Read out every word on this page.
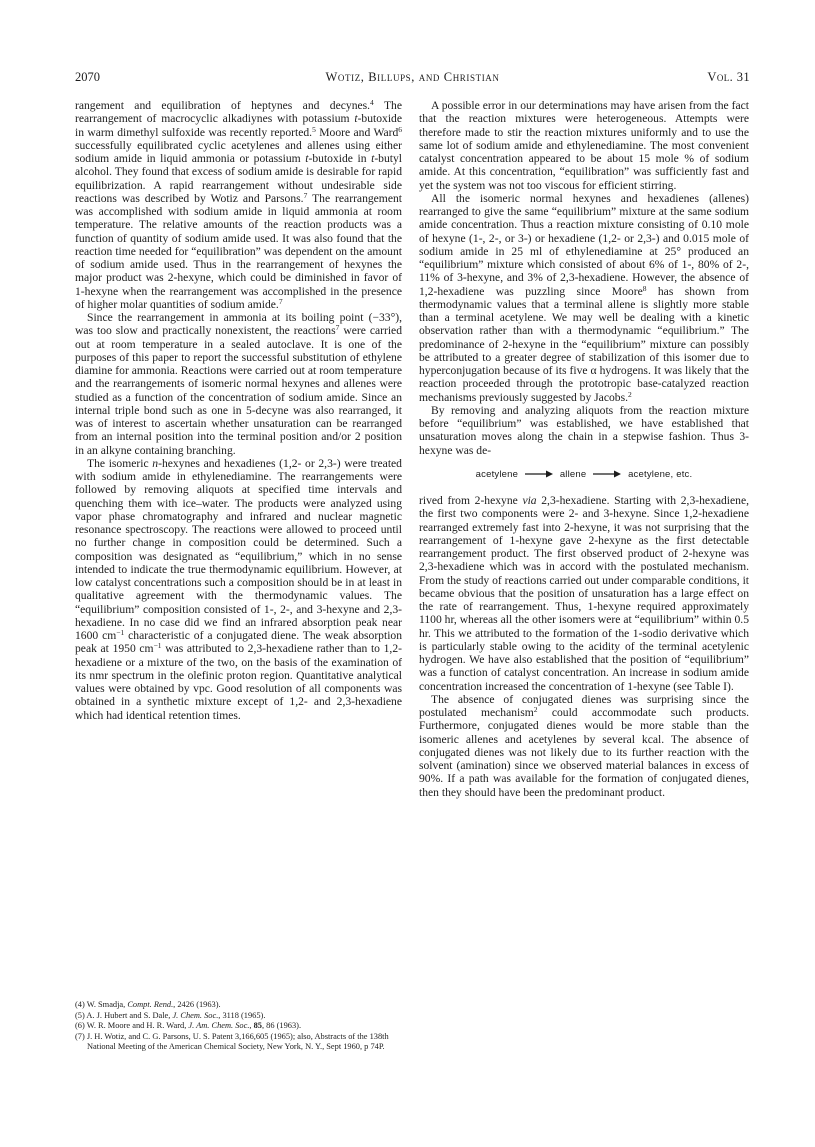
2070	Wotiz, Billups, and Christian	Vol. 31

rangement and equilibration of heptynes and decynes.$^4$ The rearrangement of macrocyclic alkadiynes with potassium t-butoxide in warm dimethyl sulfoxide was recently reported.$^5$ Moore and Ward$^6$ successfully equilibrated cyclic acetylenes and allenes using either sodium amide in liquid ammonia or potassium t-butoxide in t-butyl alcohol. They found that excess of sodium amide is desirable for rapid equilibrization. A rapid rearrangement without undesirable side reactions was described by Wotiz and Parsons.$^7$ The rearrangement was accomplished with sodium amide in liquid ammonia at room temperature. The relative amounts of the reaction products was a function of quantity of sodium amide used. It was also found that the reaction time needed for “equilibration” was dependent on the amount of sodium amide used. Thus in the rearrangement of hexynes the major product was 2-hexyne, which could be diminished in favor of 1-hexyne when the rearrangement was accomplished in the presence of higher molar quantities of sodium amide.$^7$

Since the rearrangement in ammonia at its boiling point (−33°), was too slow and practically nonexistent, the reactions$^7$ were carried out at room temperature in a sealed autoclave. It is one of the purposes of this paper to report the successful substitution of ethylene diamine for ammonia. Reactions were carried out at room temperature and the rearrangements of isomeric normal hexynes and allenes were studied as a function of the concentration of sodium amide. Since an internal triple bond such as one in 5-decyne was also rearranged, it was of interest to ascertain whether unsaturation can be rearranged from an internal position into the terminal position and/or 2 position in an alkyne containing branching.

The isomeric n-hexynes and hexadienes (1,2- or 2,3-) were treated with sodium amide in ethylenediamine. The rearrangements were followed by removing aliquots at specified time intervals and quenching them with ice–water. The products were analyzed using vapor phase chromatography and infrared and nuclear magnetic resonance spectroscopy. The reactions were allowed to proceed until no further change in composition could be determined. Such a composition was designated as “equilibrium,” which in no sense intended to indicate the true thermodynamic equilibrium. However, at low catalyst concentrations such a composition should be in at least in qualitative agreement with the thermodynamic values. The “equilibrium” composition consisted of 1-, 2-, and 3-hexyne and 2,3-hexadiene. In no case did we find an infrared absorption peak near 1600 $cm^{-1}$ characteristic of a conjugated diene. The weak absorption peak at 1950 $cm^{-1}$ was attributed to 2,3-hexadiene rather than to 1,2-hexadiene or a mixture of the two, on the basis of the examination of its nmr spectrum in the olefinic proton region. Quantitative analytical values were obtained by vpc. Good resolution of all components was obtained in a synthetic mixture except of 1,2- and 2,3-hexadiene which had identical retention times.

(4) W. Smadja, Compt. Rend., 2426 (1963).

(5) A. J. Hubert and S. Dale, J. Chem. Soc., 3118 (1965).

(6) W. R. Moore and H. R. Ward, J. Am. Chem. Soc., 85, 86 (1963).

(7) J. H. Wotiz, and C. G. Parsons, U. S. Patent 3,166,605 (1965); also, Abstracts of the 138th National Meeting of the American Chemical Society, New York, N. Y., Sept 1960, p 74P.

A possible error in our determinations may have arisen from the fact that the reaction mixtures were heterogeneous. Attempts were therefore made to stir the reaction mixtures uniformly and to use the same lot of sodium amide and ethylenediamine. The most convenient catalyst concentration appeared to be about 15 mole % of sodium amide. At this concentration, “equilibration” was sufficiently fast and yet the system was not too viscous for efficient stirring.

All the isomeric normal hexynes and hexadienes (allenes) rearranged to give the same “equilibrium” mixture at the same sodium amide concentration. Thus a reaction mixture consisting of 0.10 mole of hexyne (1-, 2-, or 3-) or hexadiene (1,2- or 2,3-) and 0.015 mole of sodium amide in 25 ml of ethylenediamine at 25° produced an “equilibrium” mixture which consisted of about 6% of 1-, 80% of 2-, 11% of 3-hexyne, and 3% of 2,3-hexadiene. However, the absence of 1,2-hexadiene was puzzling since Moore$^8$ has shown from thermodynamic values that a terminal allene is slightly more stable than a terminal acetylene. We may well be dealing with a kinetic observation rather than with a thermodynamic “equilibrium.” The predominance of 2-hexyne in the “equilibrium” mixture can possibly be attributed to a greater degree of stabilization of this isomer due to hyperconjugation because of its five α hydrogens. It was likely that the reaction proceeded through the prototropic base-catalyzed reaction mechanisms previously suggested by Jacobs.$^2$

By removing and analyzing aliquots from the reaction mixture before “equilibrium” was established, we have established that unsaturation moves along the chain in a stepwise fashion. Thus 3-hexyne was de-

acetylene	allene	acetylene, etc.

rived from 2-hexyne via 2,3-hexadiene. Starting with 2,3-hexadiene, the first two components were 2- and 3-hexyne. Since 1,2-hexadiene rearranged extremely fast into 2-hexyne, it was not surprising that the rearrangement of 1-hexyne gave 2-hexyne as the first detectable rearrangement product. The first observed product of 2-hexyne was 2,3-hexadiene which was in accord with the postulated mechanism. From the study of reactions carried out under comparable conditions, it became obvious that the position of unsaturation has a large effect on the rate of rearrangement. Thus, 1-hexyne required approximately 1100 hr, whereas all the other isomers were at “equilibrium” within 0.5 hr. This we attributed to the formation of the 1-sodio derivative which is particularly stable owing to the acidity of the terminal acetylenic hydrogen. We have also established that the position of “equilibrium” was a function of catalyst concentration. An increase in sodium amide concentration increased the concentration of 1-hexyne (see Table I).

The absence of conjugated dienes was surprising since the postulated mechanism$^2$ could accommodate such products. Furthermore, conjugated dienes would be more stable than the isomeric allenes and acetylenes by several kcal. The absence of conjugated dienes was not likely due to its further reaction with the solvent (amination) since we observed material balances in excess of 90%. If a path was available for the formation of conjugated dienes, then they should have been the predominant product.
